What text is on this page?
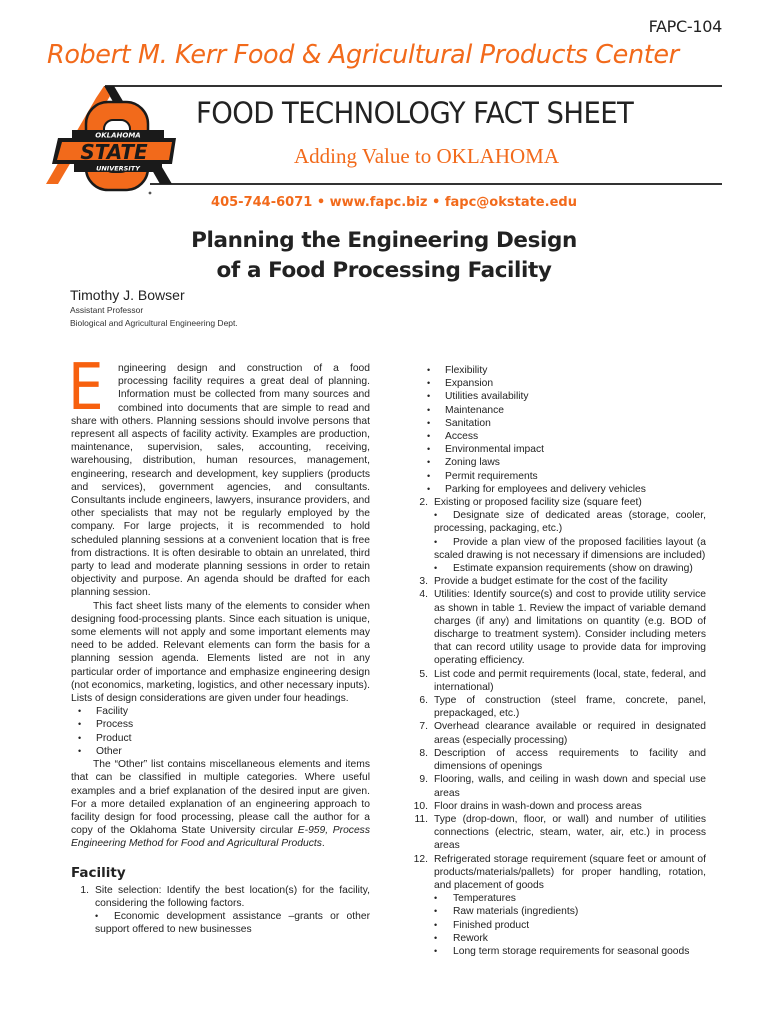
FAPC-104
Robert M. Kerr Food & Agricultural Products Center
OKLAHOMA
STATE
UNIVERSITY
FOOD TECHNOLOGY FACT SHEET
Adding Value to OKLAHOMA
405-744-6071 • www.fapc.biz • fapc@okstate.edu
Planning the Engineering Design
of a Food Processing Facility
Timothy J. Bowser
Assistant Professor
Biological and Agricultural Engineering Dept.

E	ngineering design and construction of a food processing facility requires a great deal of planning. Information must be collected from many sources and combined into documents that are simple to read and share with others. Planning sessions should involve persons that represent all aspects of facility activity. Examples are production, maintenance, supervision, sales, accounting, receiving, warehousing, distribution, human resources, management, engineering, research and development, key suppliers (products and services), government agencies, and consultants. Consultants include engineers, lawyers, insurance providers, and other specialists that may not be regularly employed by the company. For large projects, it is recommended to hold scheduled planning sessions at a convenient location that is free from distractions. It is often desirable to obtain an unrelated, third party to lead and moderate planning sessions in order to retain objectivity and purpose. An agenda should be drafted for each planning session.

This fact sheet lists many of the elements to consider when designing food-processing plants. Since each situation is unique, some elements will not apply and some important elements may need to be added. Relevant elements can form the basis for a planning session agenda. Elements listed are not in any particular order of importance and emphasize engineering design (not economics, marketing, logistics, and other necessary inputs). Lists of design considerations are given under four headings.

•	Facility
•	Process
•	Product
•	Other

The “Other” list contains miscellaneous elements and items that can be classified in multiple categories. Where useful examples and a brief explanation of the desired input are given. For a more detailed explanation of an engineering approach to facility design for food processing, please call the author for a copy of the Oklahoma State University circular E-959, Process Engineering Method for Food and Agricultural Products.

Facility
1. Site selection: Identify the best location(s) for the facility, considering the following factors.

• Economic development assistance –grants or other support offered to new businesses

•	Flexibility
•	Expansion
•	Utilities availability
•	Maintenance
•	Sanitation
•	Access
•	Environmental impact
•	Zoning laws
•	Permit requirements
•	Parking for employees and delivery vehicles
2. Existing or proposed facility size (square feet)

• Designate size of dedicated areas (storage, cooler, processing, packaging, etc.)

• Provide a plan view of the proposed facilities layout (a scaled drawing is not necessary if dimensions are included)

• Estimate expansion requirements (show on drawing)

3. Provide a budget estimate for the cost of the facility
4. Utilities: Identify source(s) and cost to provide utility service as shown in table 1. Review the impact of variable demand charges (if any) and limitations on quantity (e.g. BOD of discharge to treatment system). Consider including meters that can record utility usage to provide data for improving operating efficiency.
5. List code and permit requirements (local, state, federal, and international)
6. Type of construction (steel frame, concrete, panel, prepackaged, etc.)
7. Overhead clearance available or required in designated areas (especially processing)
8. Description of access requirements to facility and dimensions of openings
9. Flooring, walls, and ceiling in wash down and special use areas
10. Floor drains in wash-down and process areas
11. Type (drop-down, floor, or wall) and number of utilities connections (electric, steam, water, air, etc.) in process areas
12. Refrigerated storage requirement (square feet or amount of products/materials/pallets) for proper handling, rotation, and placement of goods
•	Temperatures
•	Raw materials (ingredients)
•	Finished product
•	Rework
•	Long term storage requirements for seasonal goods
